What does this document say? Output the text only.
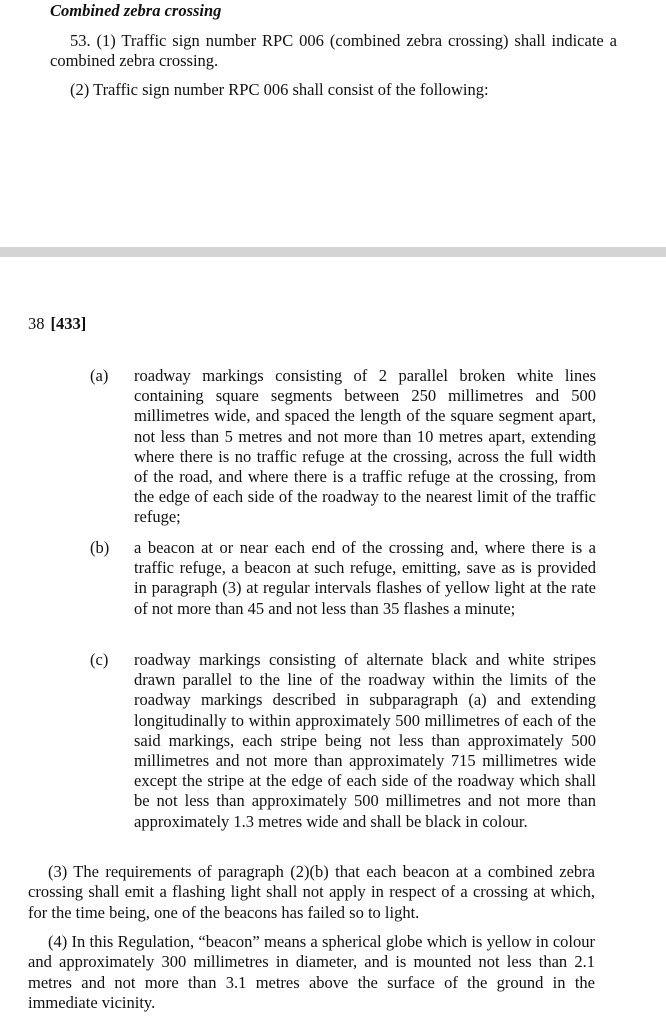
Combined zebra crossing

53. (1) Traffic sign number RPC 006 (combined zebra crossing) shall indicate a combined zebra crossing.

(2) Traffic sign number RPC 006 shall consist of the following:

38 [433]
(a) roadway markings consisting of 2 parallel broken white lines containing square segments between 250 millimetres and 500 millimetres wide, and spaced the length of the square segment apart, not less than 5 metres and not more than 10 metres apart, extending where there is no traffic refuge at the crossing, across the full width of the road, and where there is a traffic refuge at the crossing, from the edge of each side of the roadway to the nearest limit of the traffic refuge;

(b) a beacon at or near each end of the crossing and, where there is a traffic refuge, a beacon at such refuge, emitting, save as is provided in paragraph (3) at regular intervals flashes of yellow light at the rate of not more than 45 and not less than 35 flashes a minute;

(c) roadway markings consisting of alternate black and white stripes drawn parallel to the line of the roadway within the limits of the roadway markings described in subparagraph (a) and extending longitudinally to within approximately 500 millimetres of each of the said markings, each stripe being not less than approximately 500 millimetres and not more than approximately 715 millimetres wide except the stripe at the edge of each side of the roadway which shall be not less than approximately 500 millimetres and not more than approximately 1.3 metres wide and shall be black in colour.

(3) The requirements of paragraph (2)(b) that each beacon at a combined zebra crossing shall emit a flashing light shall not apply in respect of a crossing at which, for the time being, one of the beacons has failed so to light.

(4) In this Regulation, “beacon” means a spherical globe which is yellow in colour and approximately 300 millimetres in diameter, and is mounted not less than 2.1 metres and not more than 3.1 metres above the surface of the ground in the immediate vicinity.
